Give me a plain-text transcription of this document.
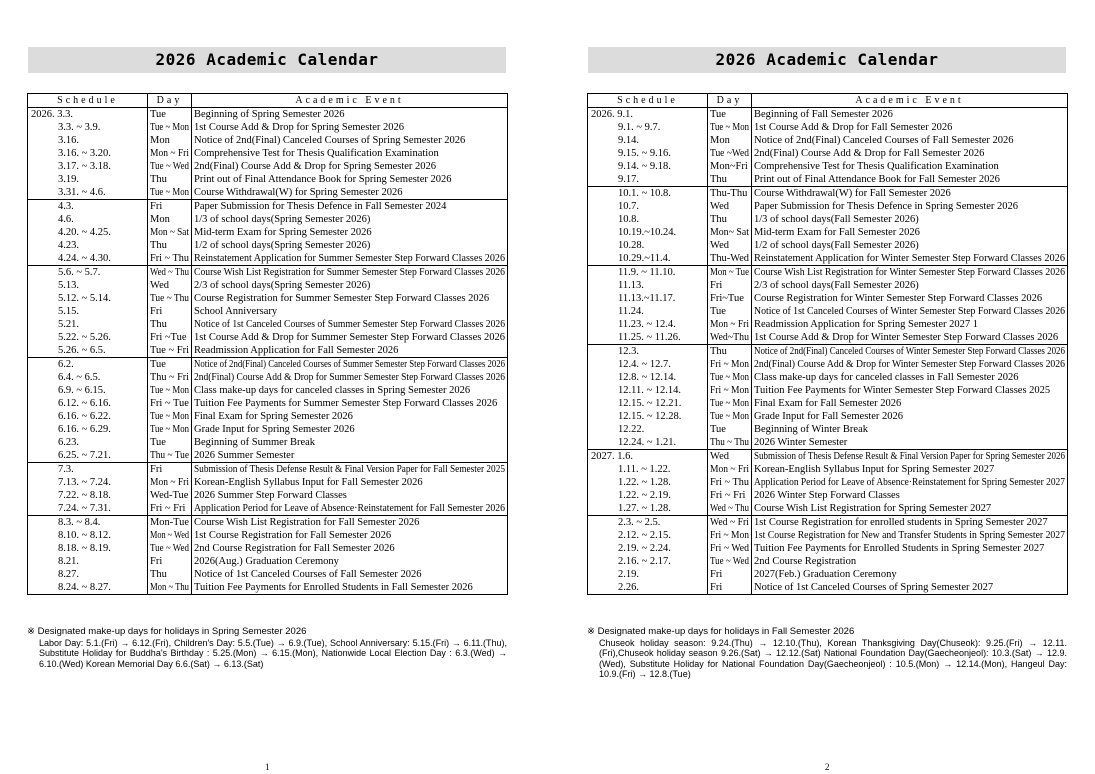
2026 Academic Calendar
Schedule	Day	Academic Event
2026. 3.3.	Tue	Beginning of Spring Semester 2026
3.3. ~ 3.9.	Tue ~ Mon	1st Course Add & Drop for Spring Semester 2026
3.16.	Mon	Notice of 2nd(Final) Canceled Courses of Spring Semester 2026
3.16. ~ 3.20.	Mon ~ Fri	Comprehensive Test for Thesis Qualification Examination
3.17. ~ 3.18.	Tue ~ Wed	2nd(Final) Course Add & Drop for Spring Semester 2026
3.19.	Thu	Print out of Final Attendance Book for Spring Semester 2026
3.31. ~ 4.6.	Tue ~ Mon	Course Withdrawal(W) for Spring Semester 2026
4.3.	Fri	Paper Submission for Thesis Defence in Fall Semester 2024
4.6.	Mon	1/3 of school days(Spring Semester 2026)
4.20. ~ 4.25.	Mon ~ Sat	Mid-term Exam for Spring Semester 2026
4.23.	Thu	1/2 of school days(Spring Semester 2026)
4.24. ~ 4.30.	Fri ~ Thu	Reinstatement Application for Summer Semester Step Forward Classes 2026
5.6. ~ 5.7.	Wed ~ Thu	Course Wish List Registration for Summer Semester Step Forward Classes 2026
5.13.	Wed	2/3 of school days(Spring Semester 2026)
5.12. ~ 5.14.	Tue ~ Thu	Course Registration for Summer Semester Step Forward Classes 2026
5.15.	Fri	School Anniversary
5.21.	Thu	Notice of 1st Canceled Courses of Summer Semester Step Forward Classes 2026
5.22. ~ 5.26.	Fri ~Tue	1st Course Add & Drop for Summer Semester Step Forward Classes 2026
5.26. ~ 6.5.	Tue ~ Fri	Readmission Application for Fall Semester 2026
6.2.	Tue	Notice of 2nd(Final) Canceled Courses of Summer Semester Step Forward Classes 2026
6.4. ~ 6.5.	Thu ~ Fri	2nd(Final) Course Add & Drop for Summer Semester Step Forward Classes 2026
6.9. ~ 6.15.	Tue ~ Mon	Class make-up days for canceled classes in Spring Semester 2026
6.12. ~ 6.16.	Fri ~ Tue	Tuition Fee Payments for Summer Semester Step Forward Classes 2026
6.16. ~ 6.22.	Tue ~ Mon	Final Exam for Spring Semester 2026
6.16. ~ 6.29.	Tue ~ Mon	Grade Input for Spring Semester 2026
6.23.	Tue	Beginning of Summer Break
6.25. ~ 7.21.	Thu ~ Tue	2026 Summer Semester
7.3.	Fri	Submission of Thesis Defense Result & Final Version Paper for Fall Semester 2025
7.13. ~ 7.24.	Mon ~ Fri	Korean-English Syllabus Input for Fall Semester 2026
7.22. ~ 8.18.	Wed-Tue	2026 Summer Step Forward Classes
7.24. ~ 7.31.	Fri ~ Fri	Application Period for Leave of Absence·Reinstatement for Fall Semester 2026
8.3. ~ 8.4.	Mon-Tue	Course Wish List Registration for Fall Semester 2026
8.10. ~ 8.12.	Mon ~ Wed	1st Course Registration for Fall Semester 2026
8.18. ~ 8.19.	Tue ~ Wed	2nd Course Registration for Fall Semester 2026
8.21.	Fri	2026(Aug.) Graduation Ceremony
8.27.	Thu	Notice of 1st Canceled Courses of Fall Semester 2026
8.24. ~ 8.27.	Mon ~ Thu	Tuition Fee Payments for Enrolled Students in Fall Semester 2026
※ Designated make-up days for holidays in Spring Semester 2026
Labor Day: 5.1.(Fri) → 6.12.(Fri), Children's Day: 5.5.(Tue) → 6.9.(Tue), School Anniversary: 5.15.(Fri) → 6.11.(Thu), Substitute Holiday for Buddha's Birthday : 5.25.(Mon) → 6.15.(Mon), Nationwide Local Election Day : 6.3.(Wed) → 6.10.(Wed) Korean Memorial Day 6.6.(Sat) → 6.13.(Sat)
1
2026 Academic Calendar
Schedule	Day	Academic Event
2026. 9.1.	Tue	Beginning of Fall Semester 2026
9.1. ~ 9.7.	Tue ~ Mon	1st Course Add & Drop for Fall Semester 2026
9.14.	Mon	Notice of 2nd(Final) Canceled Courses of Fall Semester 2026
9.15. ~ 9.16.	Tue ~Wed	2nd(Final) Course Add & Drop for Fall Semester 2026
9.14. ~ 9.18.	Mon~Fri	Comprehensive Test for Thesis Qualification Examination
9.17.	Thu	Print out of Final Attendance Book for Fall Semester 2026
10.1. ~ 10.8.	Thu-Thu	Course Withdrawal(W) for Fall Semester 2026
10.7.	Wed	Paper Submission for Thesis Defence in Spring Semester 2026
10.8.	Thu	1/3 of school days(Fall Semester 2026)
10.19.~10.24.	Mon~ Sat	Mid-term Exam for Fall Semester 2026
10.28.	Wed	1/2 of school days(Fall Semester 2026)
10.29.~11.4.	Thu-Wed	Reinstatement Application for Winter Semester Step Forward Classes 2026
11.9. ~ 11.10.	Mon ~ Tue	Course Wish List Registration for Winter Semester Step Forward Classes 2026
11.13.	Fri	2/3 of school days(Fall Semester 2026)
11.13.~11.17.	Fri~Tue	Course Registration for Winter Semester Step Forward Classes 2026
11.24.	Tue	Notice of 1st Canceled Courses of Winter Semester Step Forward Classes 2026
11.23. ~ 12.4.	Mon ~ Fri	Readmission Application for Spring Semester 2027 1
11.25. ~ 11.26.	Wed~Thu	1st Course Add & Drop for Winter Semester Step Forward Classes 2026
12.3.	Thu	Notice of 2nd(Final) Canceled Courses of Winter Semester Step Forward Classes 2026
12.4. ~ 12.7.	Fri ~ Mon	2nd(Final) Course Add & Drop for Winter Semester Step Forward Classes 2026
12.8. ~ 12.14.	Tue ~ Mon	Class make-up days for canceled classes in Fall Semester 2026
12.11. ~ 12.14.	Fri ~ Mon	Tuition Fee Payments for Winter Semester Step Forward Classes 2025
12.15. ~ 12.21.	Tue ~ Mon	Final Exam for Fall Semester 2026
12.15. ~ 12.28.	Tue ~ Mon	Grade Input for Fall Semester 2026
12.22.	Tue	Beginning of Winter Break
12.24. ~ 1.21.	Thu ~ Thu	2026 Winter Semester
2027. 1.6.	Wed	Submission of Thesis Defense Result & Final Version Paper for Spring Semester 2026
1.11. ~ 1.22.	Mon ~ Fri	Korean-English Syllabus Input for Spring Semester 2027
1.22. ~ 1.28.	Fri ~ Thu	Application Period for Leave of Absence·Reinstatement for Spring Semester 2027
1.22. ~ 2.19.	Fri ~ Fri	2026 Winter Step Forward Classes
1.27. ~ 1.28.	Wed ~ Thu	Course Wish List Registration for Spring Semester 2027
2.3. ~ 2.5.	Wed ~ Fri	1st Course Registration for enrolled students in Spring Semester 2027
2.12. ~ 2.15.	Fri ~ Mon	1st Course Registration for New and Transfer Students in Spring Semester 2027
2.19. ~ 2.24.	Fri ~ Wed	Tuition Fee Payments for Enrolled Students in Spring Semester 2027
2.16. ~ 2.17.	Tue ~ Wed	2nd Course Registration
2.19.	Fri	2027(Feb.) Graduation Ceremony
2.26.	Fri	Notice of 1st Canceled Courses of Spring Semester 2027
※ Designated make-up days for holidays in Fall Semester 2026
Chuseok holiday season: 9.24.(Thu) → 12.10.(Thu), Korean Thanksgiving Day(Chuseok): 9.25.(Fri) → 12.11.(Fri),Chuseok holiday season 9.26.(Sat) → 12.12.(Sat) National Foundation Day(Gaecheonjeol): 10.3.(Sat) → 12.9.(Wed), Substitute Holiday for National Foundation Day(Gaecheonjeol) : 10.5.(Mon) → 12.14.(Mon), Hangeul Day: 10.9.(Fri) → 12.8.(Tue)
2
